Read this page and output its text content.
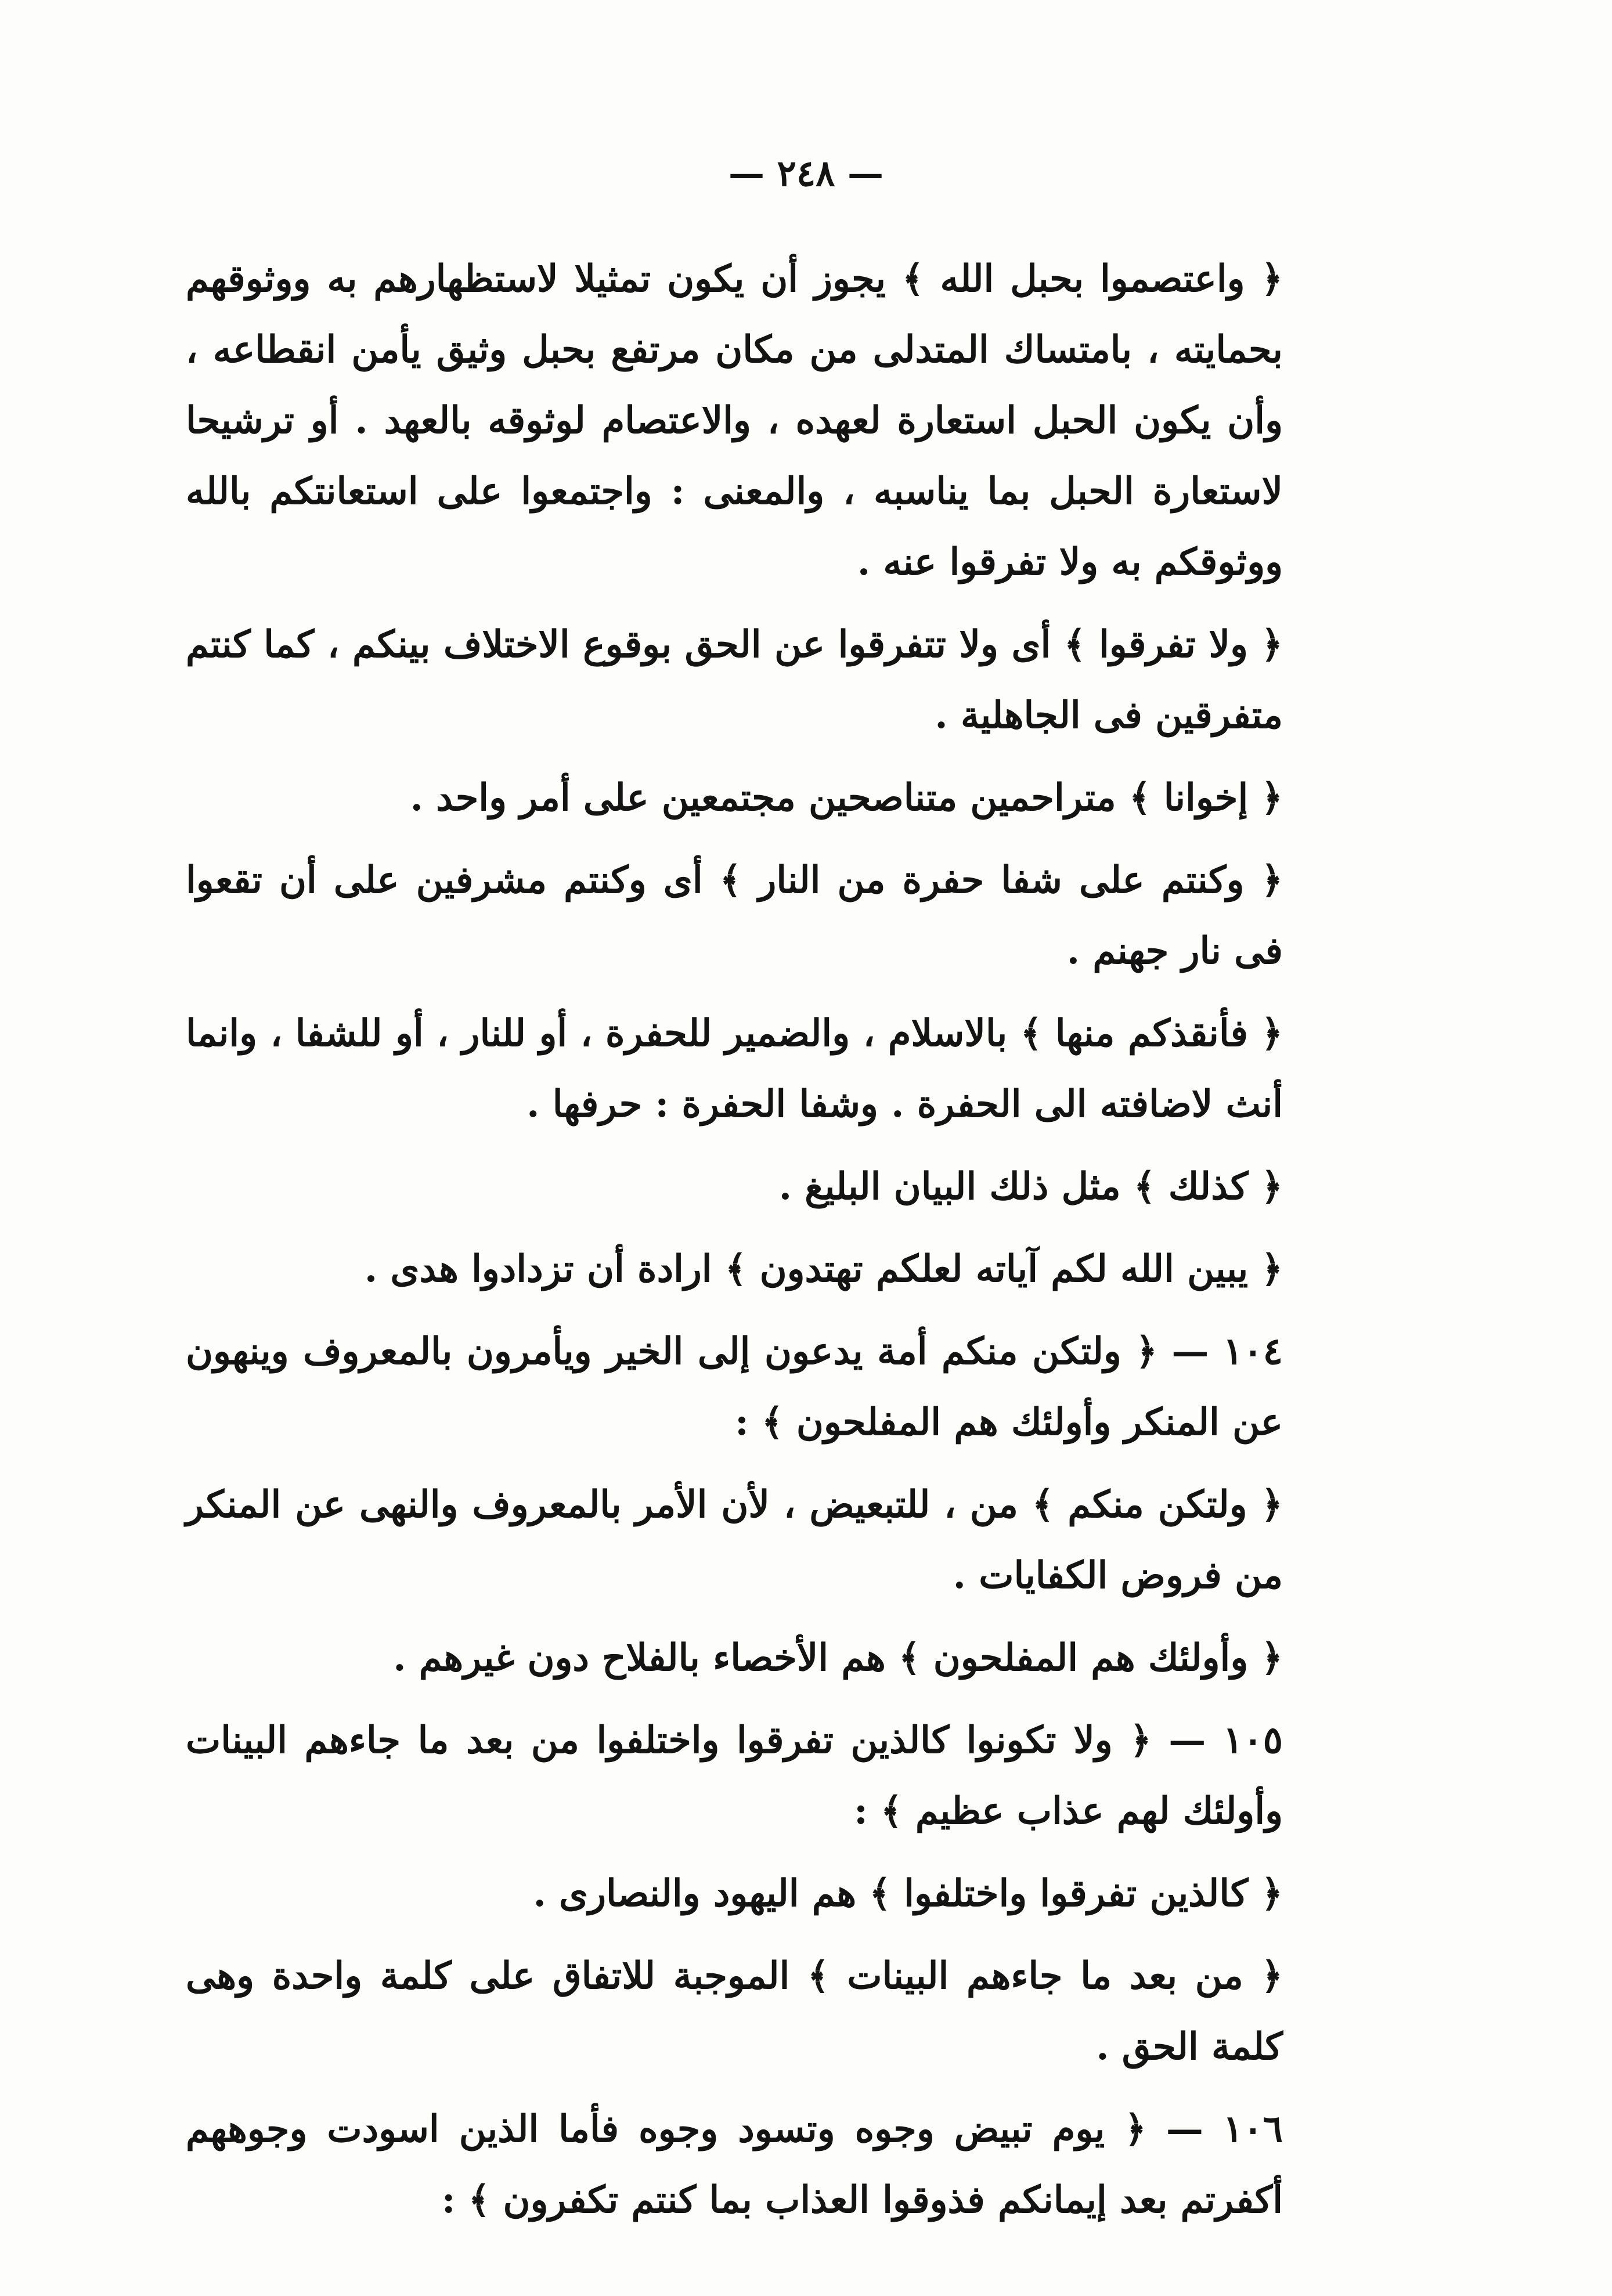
— ٢٤٨ —

﴿ واعتصموا بحبل الله ﴾ يجوز أن يكون تمثيلا لاستظهارهم به ووثوقهم بحمايته ، بامتساك المتدلى من مكان مرتفع بحبل وثيق يأمن انقطاعه ، وأن يكون الحبل استعارة لعهده ، والاعتصام لوثوقه بالعهد . أو ترشيحا لاستعارة الحبل بما يناسبه ، والمعنى : واجتمعوا على استعانتكم بالله ووثوقكم به ولا تفرقوا عنه .

﴿ ولا تفرقوا ﴾ أى ولا تتفرقوا عن الحق بوقوع الاختلاف بينكم ، كما كنتم متفرقين فى الجاهلية .

﴿ إخوانا ﴾ متراحمين متناصحين مجتمعين على أمر واحد .

﴿ وكنتم على شفا حفرة من النار ﴾ أى وكنتم مشرفين على أن تقعوا فى نار جهنم .

﴿ فأنقذكم منها ﴾ بالاسلام ، والضمير للحفرة ، أو للنار ، أو للشفا ، وانما أنث لاضافته الى الحفرة . وشفا الحفرة : حرفها .

﴿ كذلك ﴾ مثل ذلك البيان البليغ .

﴿ يبين الله لكم آياته لعلكم تهتدون ﴾ ارادة أن تزدادوا هدى .

١٠٤ — ﴿ ولتكن منكم أمة يدعون إلى الخير ويأمرون بالمعروف وينهون عن المنكر وأولئك هم المفلحون ﴾ :

﴿ ولتكن منكم ﴾ من ، للتبعيض ، لأن الأمر بالمعروف والنهى عن المنكر من فروض الكفايات .

﴿ وأولئك هم المفلحون ﴾ هم الأخصاء بالفلاح دون غيرهم .

١٠٥ — ﴿ ولا تكونوا كالذين تفرقوا واختلفوا من بعد ما جاءهم البينات وأولئك لهم عذاب عظيم ﴾ :

﴿ كالذين تفرقوا واختلفوا ﴾ هم اليهود والنصارى .

﴿ من بعد ما جاءهم البينات ﴾ الموجبة للاتفاق على كلمة واحدة وهى كلمة الحق .

١٠٦ — ﴿ يوم تبيض وجوه وتسود وجوه فأما الذين اسودت وجوههم أكفرتم بعد إيمانكم فذوقوا العذاب بما كنتم تكفرون ﴾ :
